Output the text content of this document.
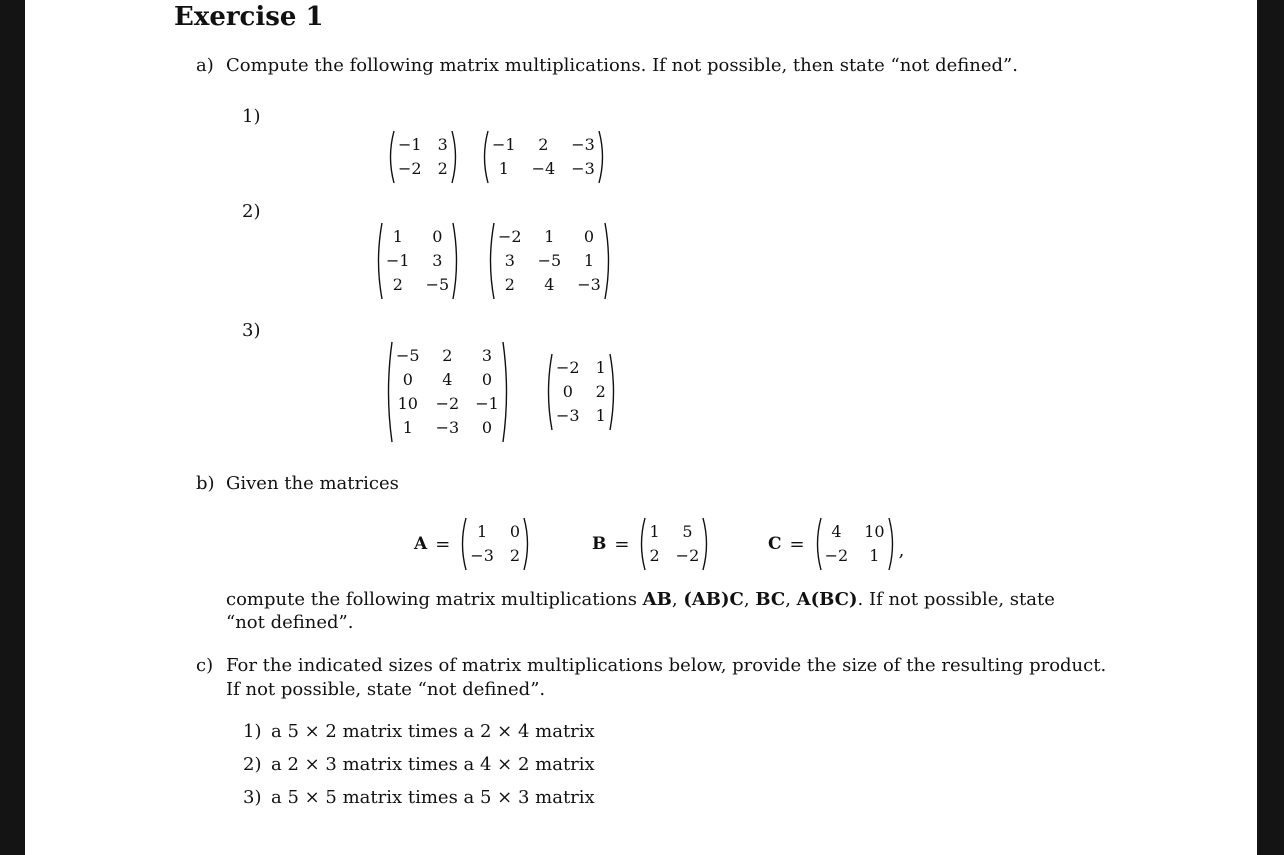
Exercise 1
a) Compute the following matrix multiplications. If not possible, then state “not defined”.
1)
−1 3
−2 2
−1	2	−3
1	−4 −3
2)
1	0
−1	3
2	−5
−2	1	0
3	−5	1
2	4	−3
3)
−5	2	3
0	4	0
10 −2 −1
1	−3	0
−2 1
0	2
−3 1
b) Given the matrices
A =
1	0
−3 2
B =
1	5
2 −2
C =
4	10
−2	1 ,
compute the following matrix multiplications AB, (AB)C, BC, A(BC). If not possible, state
“not defined”.
c) For the indicated sizes of matrix multiplications below, provide the size of the resulting product.
If not possible, state “not defined”.
1) a 5 × 2 matrix times a 2 × 4 matrix
2) a 2 × 3 matrix times a 4 × 2 matrix
3) a 5 × 5 matrix times a 5 × 3 matrix
